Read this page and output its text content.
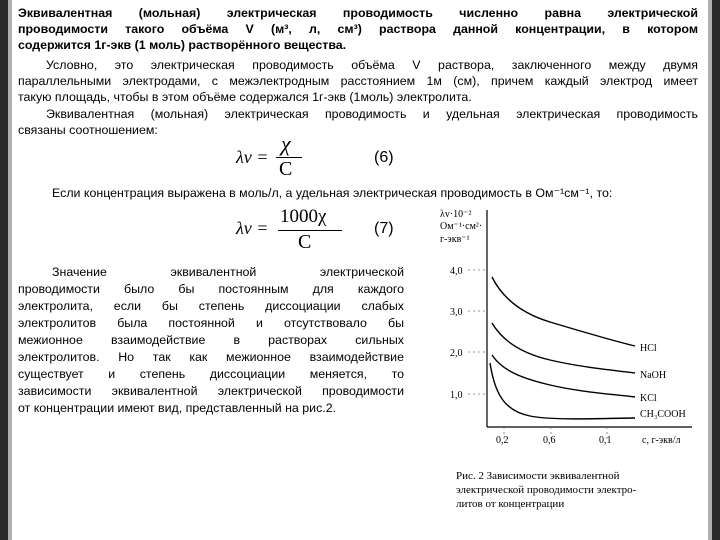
Эквивалентная (мольная) электрическая проводимость численно равна электрической
проводимости такого объёма V (м³, л, см³) раствора данной концентрации, в котором
содержится 1г-экв (1 моль) растворённого вещества.
Условно, это электрическая проводимость объёма V раствора, заключенного между двумя
параллельными электродами, с межэлектродным расстоянием 1м (см), причем каждый электрод имеет
такую площадь, чтобы в этом объёме содержался 1г-экв (1моль) электролита.
Эквивалентная (мольная) электрическая проводимость и удельная электрическая проводимость
связаны соотношением:
λv =
χ
C
(6)
Если концентрация выражена в моль/л, а удельная электрическая проводимость в Ом⁻¹см⁻¹, то:
λv =
1000χ
C
(7)
Значение эквивалентной электрической
проводимости было бы постоянным для каждого
электролита, если бы степень диссоциации слабых
электролитов была постоянной и отсутствовало бы
межионное взаимодействие в растворах сильных
электролитов. Но так как межионное взаимодействие
существует и степень диссоциации меняется, то
зависимости эквивалентной электрической проводимости
от концентрации имеют вид, представленный на рис.2.
λv·10⁻²
Ом⁻¹·см²·
г-экв⁻¹
4,0
3,0
2,0
1,0
0,2	0,6	0,1	с, г-экв/л
HCl
NaOH
KCl
CH₃COOH
Рис. 2 Зависимости эквивалентной
электрической проводимости электро-
литов от концентрации
